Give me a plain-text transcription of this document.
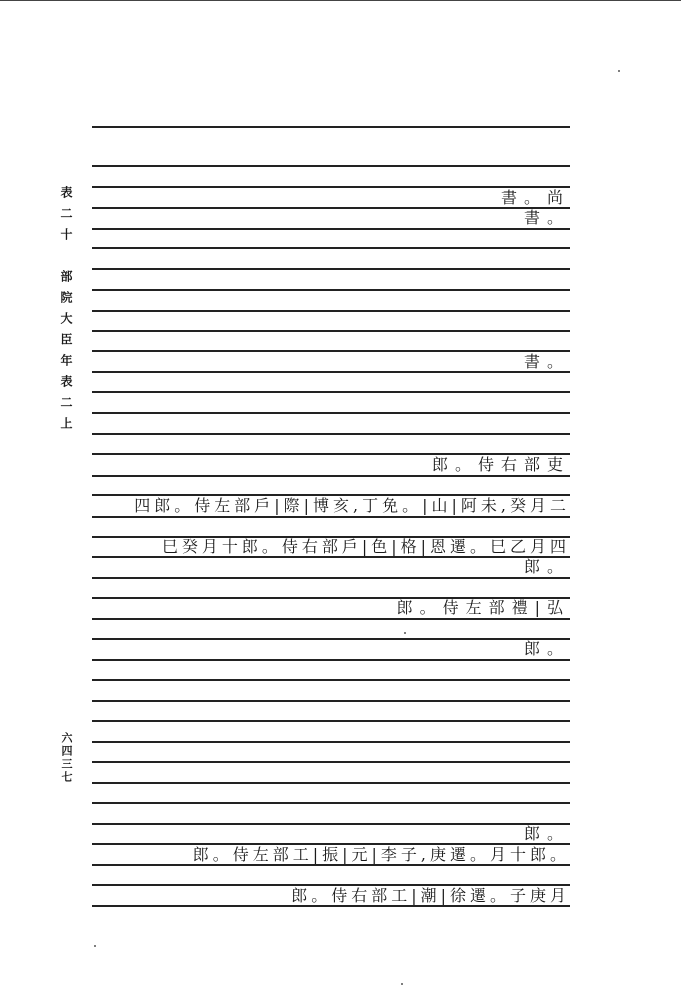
表二十　部院大臣年表二上
六四三七
書。尚
書。
書。
郎。侍右部吏
四郎。侍左部戶|際|博亥,丁免。|山|阿未,癸月二
巳癸月十郎。侍右部戶|色|格|恩遷。巳乙月四
郎。
郎。侍左部禮|弘
郎。
郎。
郎。侍左部工|振|元|李子,庚遷。月十郎。
郎。侍右部工|潮|徐遷。子庚月
